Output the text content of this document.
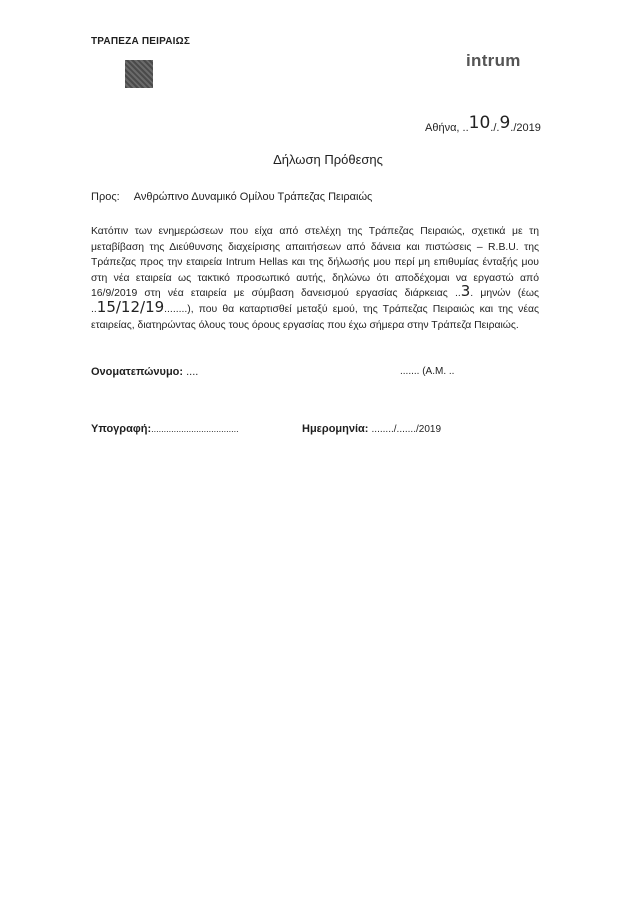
ΤΡΑΠΕΖΑ ΠΕΙΡΑΙΩΣ
intrum
Αθήνα, ..10./.9./2019
Δήλωση Πρόθεσης
Προς: Ανθρώπινο Δυναμικό Ομίλου Τράπεζας Πειραιώς
Κατόπιν των ενημερώσεων που είχα από στελέχη της Τράπεζας Πειραιώς, σχετικά με τη μεταβίβαση της Διεύθυνσης διαχείρισης απαιτήσεων από δάνεια και πιστώσεις – R.B.U. της Τράπεζας προς την εταιρεία Intrum Hellas και της δήλωσής μου περί μη επιθυμίας ένταξής μου στη νέα εταιρεία ως τακτικό προσωπικό αυτής, δηλώνω ότι αποδέχομαι να εργαστώ από 16/9/2019 στη νέα εταιρεία με σύμβαση δανεισμού εργασίας διάρκειας ..3. μηνών (έως ..15/12/19........), που θα καταρτισθεί μεταξύ εμού, της Τράπεζας Πειραιώς και της νέας εταιρείας, διατηρώντας όλους τους όρους εργασίας που έχω σήμερα στην Τράπεζα Πειραιώς.
Ονοματεπώνυμο: ....	....... (Α.Μ. ..
Υπογραφή:...................................	Ημερομηνία: ......../......./2019
